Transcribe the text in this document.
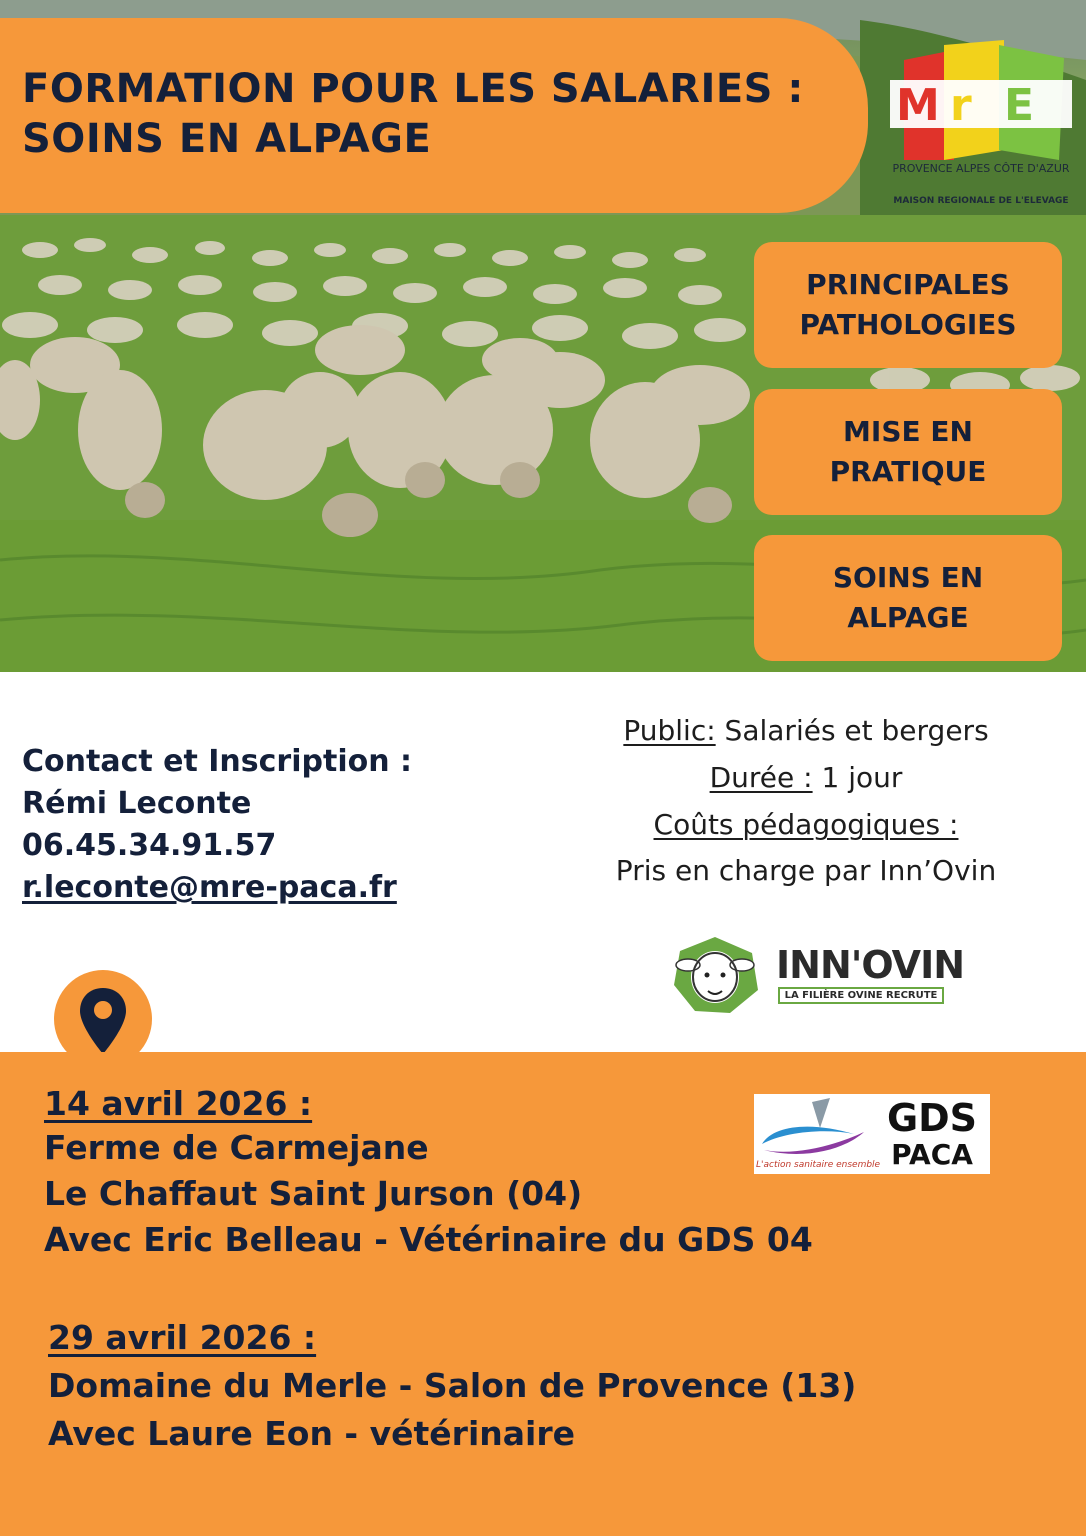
FORMATION POUR LES SALARIES :
SOINS EN ALPAGE
M r E
PROVENCE ALPES CÔTE D'AZUR
MAISON REGIONALE DE L'ELEVAGE
PRINCIPALES
PATHOLOGIES
MISE EN
PRATIQUE
SOINS EN
ALPAGE
Contact et Inscription :
Rémi Leconte
06.45.34.91.57
r.leconte@mre-paca.fr
Public: Salariés et bergers
Durée : 1 jour
Coûts pédagogiques :
Pris en charge par Inn’Ovin
INN'OVIN
LA FILIÈRE OVINE RECRUTE
14 avril 2026 :
Ferme de Carmejane
Le Chaffaut Saint Jurson (04)
Avec Eric Belleau - Vétérinaire du GDS 04
29 avril 2026 :
Domaine du Merle - Salon de Provence (13)
Avec Laure Eon - vétérinaire
GDS
PACA
L'action sanitaire ensemble
